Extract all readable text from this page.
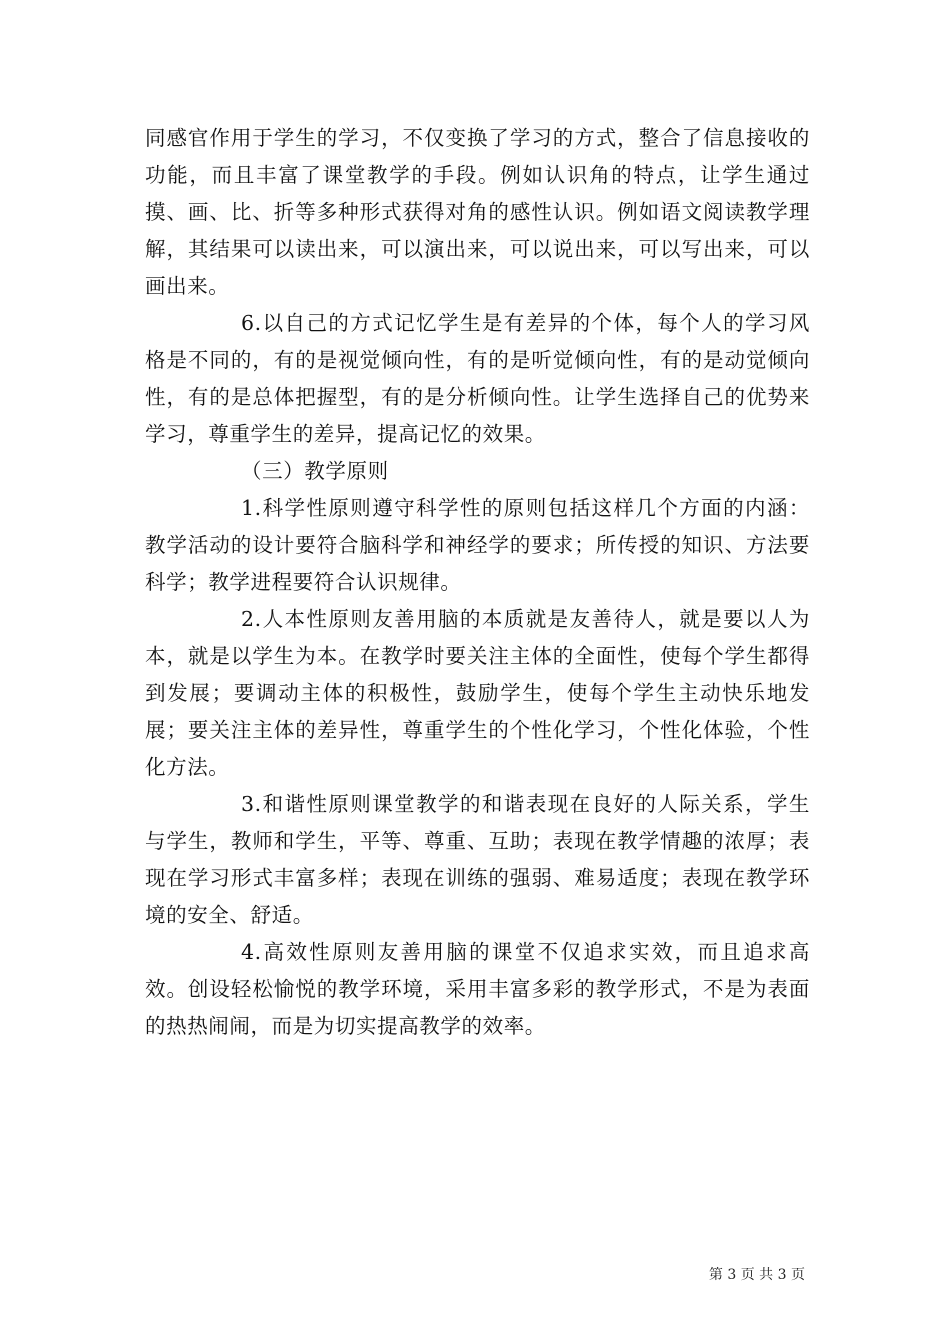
同感官作用于学生的学习，不仅变换了学习的方式，整合了信息接收的功能，而且丰富了课堂教学的手段。例如认识角的特点，让学生通过摸、画、比、折等多种形式获得对角的感性认识。例如语文阅读教学理解，其结果可以读出来，可以演出来，可以说出来，可以写出来，可以画出来。

6.以自己的方式记忆学生是有差异的个体，每个人的学习风格是不同的，有的是视觉倾向性，有的是听觉倾向性，有的是动觉倾向性，有的是总体把握型，有的是分析倾向性。让学生选择自己的优势来学习，尊重学生的差异，提高记忆的效果。

（三）教学原则

1.科学性原则遵守科学性的原则包括这样几个方面的内涵：教学活动的设计要符合脑科学和神经学的要求；所传授的知识、方法要科学；教学进程要符合认识规律。

2.人本性原则友善用脑的本质就是友善待人，就是要以人为本，就是以学生为本。在教学时要关注主体的全面性，使每个学生都得到发展；要调动主体的积极性，鼓励学生，使每个学生主动快乐地发展；要关注主体的差异性，尊重学生的个性化学习，个性化体验，个性化方法。

3.和谐性原则课堂教学的和谐表现在良好的人际关系，学生与学生，教师和学生，平等、尊重、互助；表现在教学情趣的浓厚；表现在学习形式丰富多样；表现在训练的强弱、难易适度；表现在教学环境的安全、舒适。

4.高效性原则友善用脑的课堂不仅追求实效，而且追求高效。创设轻松愉悦的教学环境，采用丰富多彩的教学形式，不是为表面的热热闹闹，而是为切实提高教学的效率。

第 3 页 共 3 页
